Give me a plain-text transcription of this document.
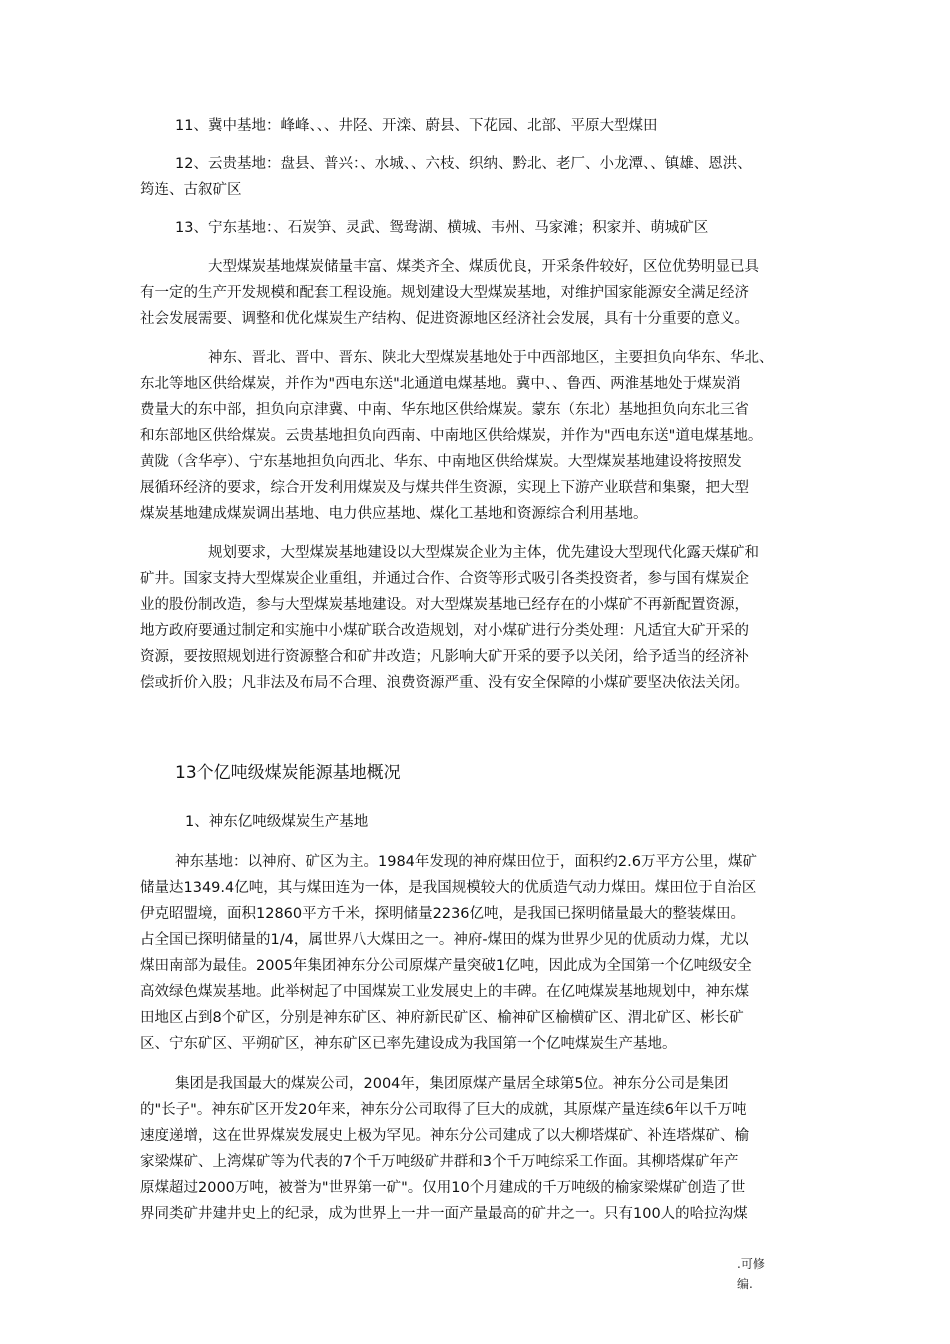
11、冀中基地：峰峰、、、井陉、开滦、蔚县、下花园、北部、平原大型煤田
12、云贵基地：盘县、普兴：、水城、、六枝、织纳、黔北、老厂、小龙潭、、镇雄、恩洪、
筠连、古叙矿区
13、宁东基地：、石炭笋、灵武、鸳鸯湖、横城、韦州、马家滩；积家并、萌城矿区
大型煤炭基地煤炭储量丰富、煤类齐全、煤质优良，开采条件较好，区位优势明显已具
有一定的生产开发规模和配套工程设施。规划建设大型煤炭基地，对维护国家能源安全满足经济
社会发展需要、调整和优化煤炭生产结构、促进资源地区经济社会发展，具有十分重要的意义。
神东、晋北、晋中、晋东、陕北大型煤炭基地处于中西部地区，主要担负向华东、华北、
东北等地区供给煤炭，并作为"西电东送"北通道电煤基地。冀中、、鲁西、两淮基地处于煤炭消
费量大的东中部，担负向京津冀、中南、华东地区供给煤炭。蒙东（东北）基地担负向东北三省
和东部地区供给煤炭。云贵基地担负向西南、中南地区供给煤炭，并作为"西电东送"道电煤基地。
黄陇（含华亭）、宁东基地担负向西北、华东、中南地区供给煤炭。大型煤炭基地建设将按照发
展循环经济的要求，综合开发利用煤炭及与煤共伴生资源，实现上下游产业联营和集聚，把大型
煤炭基地建成煤炭调出基地、电力供应基地、煤化工基地和资源综合利用基地。
规划要求，大型煤炭基地建设以大型煤炭企业为主体，优先建设大型现代化露天煤矿和
矿井。国家支持大型煤炭企业重组，并通过合作、合资等形式吸引各类投资者，参与国有煤炭企
业的股份制改造，参与大型煤炭基地建设。对大型煤炭基地已经存在的小煤矿不再新配置资源，
地方政府要通过制定和实施中小煤矿联合改造规划，对小煤矿进行分类处理：凡适宜大矿开采的
资源，要按照规划进行资源整合和矿井改造；凡影响大矿开采的要予以关闭，给予适当的经济补
偿或折价入股；凡非法及布局不合理、浪费资源严重、没有安全保障的小煤矿要坚决依法关闭。
13个亿吨级煤炭能源基地概况
1、神东亿吨级煤炭生产基地
神东基地：以神府、矿区为主。1984年发现的神府煤田位于，面积约2.6万平方公里，煤矿
储量达1349.4亿吨，其与煤田连为一体，是我国规模较大的优质造气动力煤田。煤田位于自治区
伊克昭盟境，面积12860平方千米，探明储量2236亿吨，是我国已探明储量最大的整装煤田。
占全国已探明储量的1/4，属世界八大煤田之一。神府-煤田的煤为世界少见的优质动力煤，尤以
煤田南部为最佳。2005年集团神东分公司原煤产量突破1亿吨，因此成为全国第一个亿吨级安全
高效绿色煤炭基地。此举树起了中国煤炭工业发展史上的丰碑。在亿吨煤炭基地规划中，神东煤
田地区占到8个矿区，分别是神东矿区、神府新民矿区、榆神矿区榆横矿区、渭北矿区、彬长矿
区、宁东矿区、平朔矿区，神东矿区已率先建设成为我国第一个亿吨煤炭生产基地。
集团是我国最大的煤炭公司，2004年，集团原煤产量居全球第5位。神东分公司是集团
的"长子"。神东矿区开发20年来，神东分公司取得了巨大的成就，其原煤产量连续6年以千万吨
速度递增，这在世界煤炭发展史上极为罕见。神东分公司建成了以大柳塔煤矿、补连塔煤矿、榆
家梁煤矿、上湾煤矿等为代表的7个千万吨级矿井群和3个千万吨综采工作面。其柳塔煤矿年产
原煤超过2000万吨，被誉为"世界第一矿"。仅用10个月建成的千万吨级的榆家梁煤矿创造了世
界同类矿井建井史上的纪录，成为世界上一井一面产量最高的矿井之一。只有100人的哈拉沟煤
.可修
编.
